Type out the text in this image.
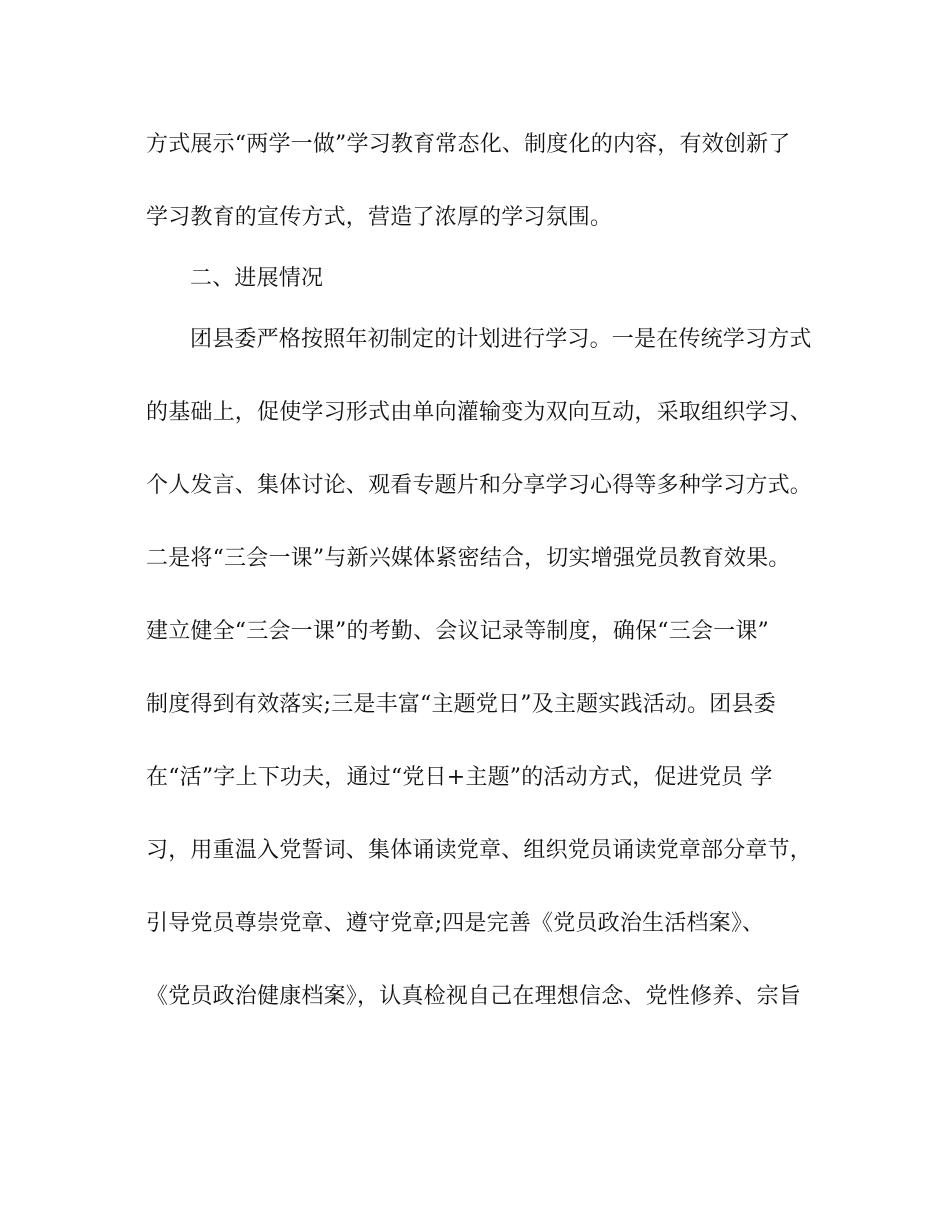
方式展示“两学一做”学习教育常态化、制度化的内容，有效创新了
学习教育的宣传方式，营造了浓厚的学习氛围。
二、进展情况
团县委严格按照年初制定的计划进行学习。一是在传统学习方式
的基础上，促使学习形式由单向灌输变为双向互动，采取组织学习、
个人发言、集体讨论、观看专题片和分享学习心得等多种学习方式。
二是将“三会一课”与新兴媒体紧密结合，切实增强党员教育效果。
建立健全“三会一课”的考勤、会议记录等制度，确保“三会一课”
制度得到有效落实;三是丰富“主题党日”及主题实践活动。团县委
在“活”字上下功夫，通过“党日+主题”的活动方式，促进党员 学
习，用重温入党誓词、集体诵读党章、组织党员诵读党章部分章节，
引导党员尊崇党章、遵守党章;四是完善《党员政治生活档案》、
《党员政治健康档案》，认真检视自己在理想信念、党性修养、宗旨
